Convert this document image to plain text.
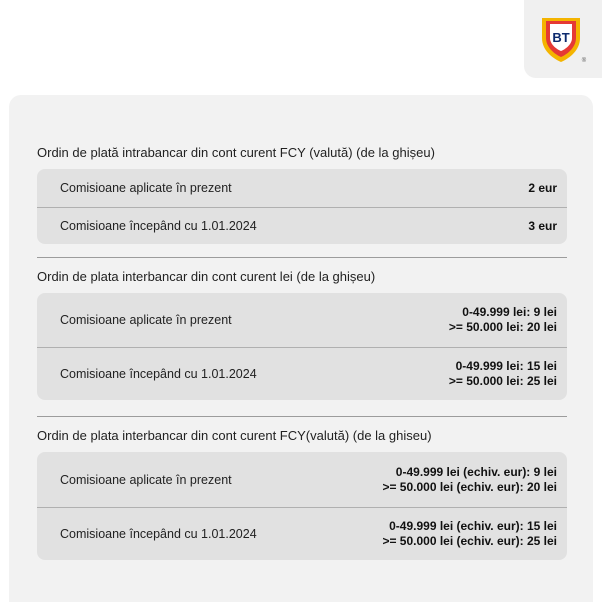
BT
®
Ordin de plată intrabancar din cont curent FCY (valută) (de la ghișeu)
Comisioane aplicate în prezent	2 eur
Comisioane începând cu 1.01.2024	3 eur
Ordin de plata interbancar din cont curent lei (de la ghișeu)
Comisioane aplicate în prezent
0-49.999 lei: 9 lei
>= 50.000 lei: 20 lei
Comisioane începând cu 1.01.2024
0-49.999 lei: 15 lei
>= 50.000 lei: 25 lei
Ordin de plata interbancar din cont curent FCY(valută) (de la ghiseu)
Comisioane aplicate în prezent
0-49.999 lei (echiv. eur): 9 lei
>= 50.000 lei (echiv. eur): 20 lei
Comisioane începând cu 1.01.2024
0-49.999 lei (echiv. eur): 15 lei
>= 50.000 lei (echiv. eur): 25 lei
